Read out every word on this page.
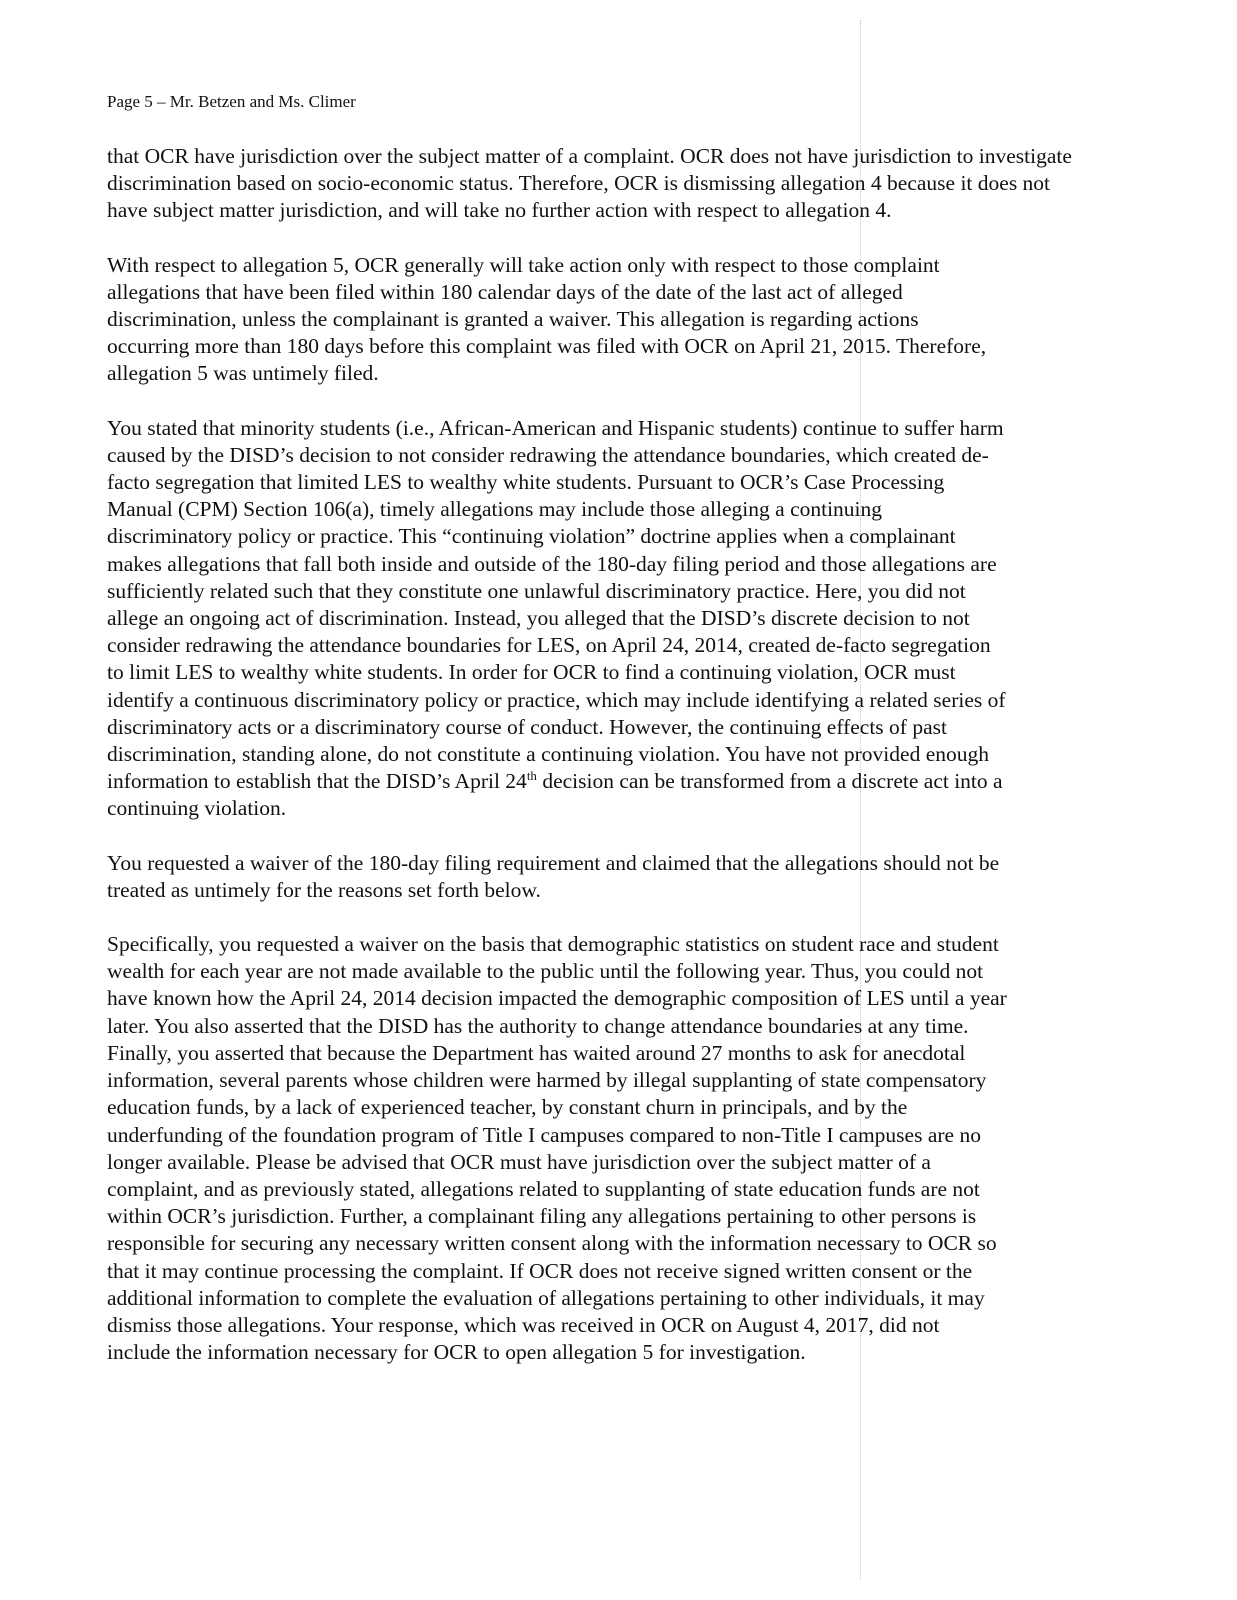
Page 5 – Mr. Betzen and Ms. Climer

that OCR have jurisdiction over the subject matter of a complaint. OCR does not have jurisdiction to investigate
discrimination based on socio-economic status. Therefore, OCR is dismissing allegation 4 because it does not
have subject matter jurisdiction, and will take no further action with respect to allegation 4.

With respect to allegation 5, OCR generally will take action only with respect to those complaint
allegations that have been filed within 180 calendar days of the date of the last act of alleged
discrimination, unless the complainant is granted a waiver. This allegation is regarding actions
occurring more than 180 days before this complaint was filed with OCR on April 21, 2015. Therefore,
allegation 5 was untimely filed.

You stated that minority students (i.e., African-American and Hispanic students) continue to suffer harm
caused by the DISD’s decision to not consider redrawing the attendance boundaries, which created de-
facto segregation that limited LES to wealthy white students. Pursuant to OCR’s Case Processing
Manual (CPM) Section 106(a), timely allegations may include those alleging a continuing
discriminatory policy or practice. This “continuing violation” doctrine applies when a complainant
makes allegations that fall both inside and outside of the 180-day filing period and those allegations are
sufficiently related such that they constitute one unlawful discriminatory practice. Here, you did not
allege an ongoing act of discrimination. Instead, you alleged that the DISD’s discrete decision to not
consider redrawing the attendance boundaries for LES, on April 24, 2014, created de-facto segregation
to limit LES to wealthy white students. In order for OCR to find a continuing violation, OCR must
identify a continuous discriminatory policy or practice, which may include identifying a related series of
discriminatory acts or a discriminatory course of conduct. However, the continuing effects of past
discrimination, standing alone, do not constitute a continuing violation. You have not provided enough
information to establish that the DISD’s April 24th decision can be transformed from a discrete act into a
continuing violation.

You requested a waiver of the 180-day filing requirement and claimed that the allegations should not be
treated as untimely for the reasons set forth below.

Specifically, you requested a waiver on the basis that demographic statistics on student race and student
wealth for each year are not made available to the public until the following year. Thus, you could not
have known how the April 24, 2014 decision impacted the demographic composition of LES until a year
later. You also asserted that the DISD has the authority to change attendance boundaries at any time.
Finally, you asserted that because the Department has waited around 27 months to ask for anecdotal
information, several parents whose children were harmed by illegal supplanting of state compensatory
education funds, by a lack of experienced teacher, by constant churn in principals, and by the
underfunding of the foundation program of Title I campuses compared to non-Title I campuses are no
longer available. Please be advised that OCR must have jurisdiction over the subject matter of a
complaint, and as previously stated, allegations related to supplanting of state education funds are not
within OCR’s jurisdiction. Further, a complainant filing any allegations pertaining to other persons is
responsible for securing any necessary written consent along with the information necessary to OCR so
that it may continue processing the complaint. If OCR does not receive signed written consent or the
additional information to complete the evaluation of allegations pertaining to other individuals, it may
dismiss those allegations. Your response, which was received in OCR on August 4, 2017, did not
include the information necessary for OCR to open allegation 5 for investigation.
